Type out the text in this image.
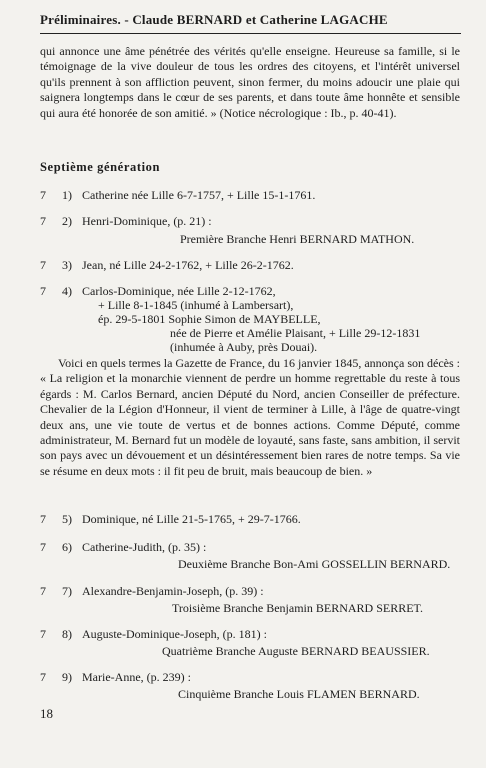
Préliminaires. - Claude BERNARD et Catherine LAGACHE

qui annonce une âme pénétrée des vérités qu'elle enseigne. Heureuse sa famille, si le témoignage de la vive douleur de tous les ordres des citoyens, et l'intérêt universel qu'ils prennent à son affliction peuvent, sinon fermer, du moins adoucir une plaie qui saignera longtemps dans le cœur de ses parents, et dans toute âme honnête et sensible qui aura été honorée de son amitié. » (Notice nécrologique : Ib., p. 40-41).

Septième génération
7 1) Catherine née Lille 6-7-1757, + Lille 15-1-1761.
7 2) Henri-Dominique, (p. 21) :
Première Branche Henri BERNARD MATHON.
7 3) Jean, né Lille 24-2-1762, + Lille 26-2-1762.
7 4) Carlos-Dominique, née Lille 2-12-1762,
+ Lille 8-1-1845 (inhumé à Lambersart),
ép. 29-5-1801 Sophie Simon de MAYBELLE,
née de Pierre et Amélie Plaisant, + Lille 29-12-1831
(inhumée à Auby, près Douai).

Voici en quels termes la Gazette de France, du 16 janvier 1845, annonça son décès : « La religion et la monarchie viennent de perdre un homme regrettable du reste à tous égards : M. Carlos Bernard, ancien Député du Nord, ancien Conseiller de préfecture. Chevalier de la Légion d'Honneur, il vient de terminer à Lille, à l'âge de quatre-vingt deux ans, une vie toute de vertus et de bonnes actions. Comme Député, comme administrateur, M. Bernard fut un modèle de loyauté, sans faste, sans ambition, il servit son pays avec un dévouement et un désintéressement bien rares de notre temps. Sa vie se résume en deux mots : il fit peu de bruit, mais beaucoup de bien. »

7 5) Dominique, né Lille 21-5-1765, + 29-7-1766.
7 6) Catherine-Judith, (p. 35) :
Deuxième Branche Bon-Ami GOSSELLIN BERNARD.
7 7) Alexandre-Benjamin-Joseph, (p. 39) :
Troisième Branche Benjamin BERNARD SERRET.
7 8) Auguste-Dominique-Joseph, (p. 181) :
Quatrième Branche Auguste BERNARD BEAUSSIER.
7 9) Marie-Anne, (p. 239) :
Cinquième Branche Louis FLAMEN BERNARD.
18
